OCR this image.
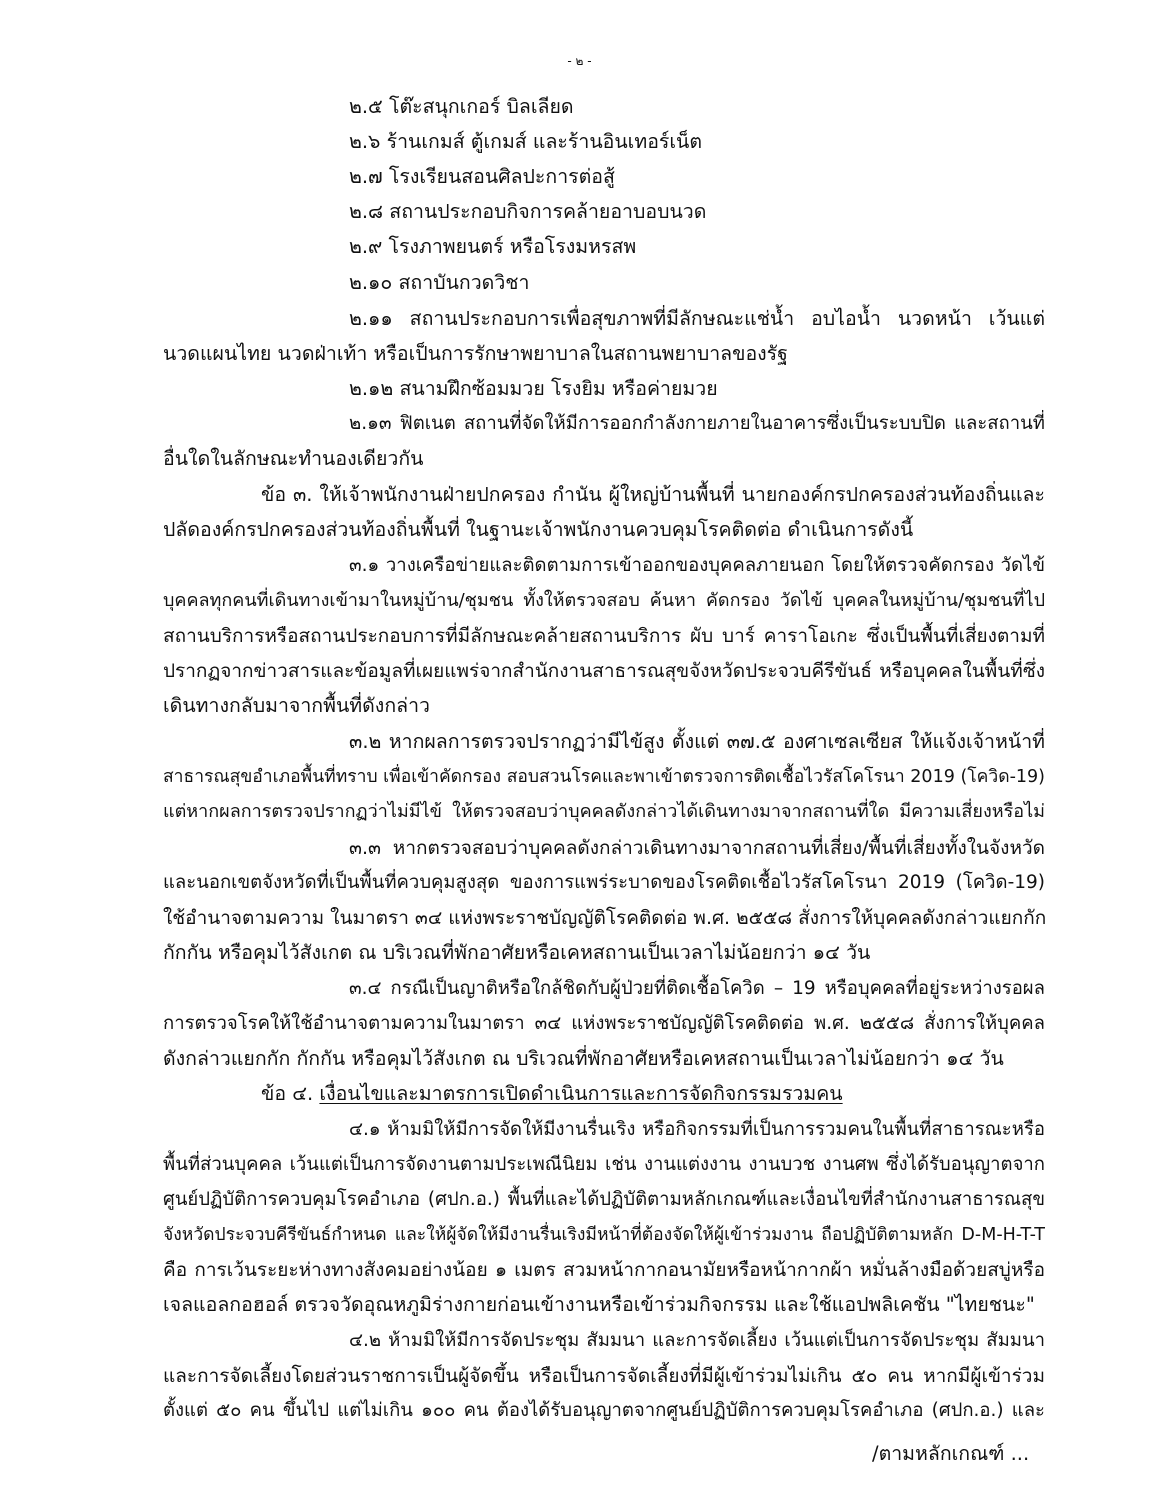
- ๒ -
๒.๕ โต๊ะสนุกเกอร์ บิลเลียด
๒.๖ ร้านเกมส์ ตู้เกมส์ และร้านอินเทอร์เน็ต
๒.๗ โรงเรียนสอนศิลปะการต่อสู้
๒.๘ สถานประกอบกิจการคล้ายอาบอบนวด
๒.๙ โรงภาพยนตร์ หรือโรงมหรสพ
๒.๑๐ สถาบันกวดวิชา
๒.๑๑ สถานประกอบการเพื่อสุขภาพที่มีลักษณะแช่น้ำ อบไอน้ำ นวดหน้า เว้นแต่
นวดแผนไทย นวดฝ่าเท้า หรือเป็นการรักษาพยาบาลในสถานพยาบาลของรัฐ
๒.๑๒ สนามฝึกซ้อมมวย โรงยิม หรือค่ายมวย
๒.๑๓ ฟิตเนต สถานที่จัดให้มีการออกกำลังกายภายในอาคารซึ่งเป็นระบบปิด และสถานที่
อื่นใดในลักษณะทำนองเดียวกัน
ข้อ ๓. ให้เจ้าพนักงานฝ่ายปกครอง กำนัน ผู้ใหญ่บ้านพื้นที่ นายกองค์กรปกครองส่วนท้องถิ่นและ
ปลัดองค์กรปกครองส่วนท้องถิ่นพื้นที่ ในฐานะเจ้าพนักงานควบคุมโรคติดต่อ ดำเนินการดังนี้
๓.๑ วางเครือข่ายและติดตามการเข้าออกของบุคคลภายนอก โดยให้ตรวจคัดกรอง วัดไข้
บุคคลทุกคนที่เดินทางเข้ามาในหมู่บ้าน/ชุมชน ทั้งให้ตรวจสอบ ค้นหา คัดกรอง วัดไข้ บุคคลในหมู่บ้าน/ชุมชนที่ไป
สถานบริการหรือสถานประกอบการที่มีลักษณะคล้ายสถานบริการ ผับ บาร์ คาราโอเกะ ซึ่งเป็นพื้นที่เสี่ยงตามที่
ปรากฏจากข่าวสารและข้อมูลที่เผยแพร่จากสำนักงานสาธารณสุขจังหวัดประจวบคีรีขันธ์ หรือบุคคลในพื้นที่ซึ่ง
เดินทางกลับมาจากพื้นที่ดังกล่าว
๓.๒ หากผลการตรวจปรากฏว่ามีไข้สูง ตั้งแต่ ๓๗.๕ องศาเซลเซียส ให้แจ้งเจ้าหน้าที่
สาธารณสุขอำเภอพื้นที่ทราบ เพื่อเข้าคัดกรอง สอบสวนโรคและพาเข้าตรวจการติดเชื้อไวรัสโคโรนา 2019 (โควิด-19)
แต่หากผลการตรวจปรากฏว่าไม่มีไข้ ให้ตรวจสอบว่าบุคคลดังกล่าวได้เดินทางมาจากสถานที่ใด มีความเสี่ยงหรือไม่
๓.๓ หากตรวจสอบว่าบุคคลดังกล่าวเดินทางมาจากสถานที่เสี่ยง/พื้นที่เสี่ยงทั้งในจังหวัด
และนอกเขตจังหวัดที่เป็นพื้นที่ควบคุมสูงสุด ของการแพร่ระบาดของโรคติดเชื้อไวรัสโคโรนา 2019 (โควิด-19)
ใช้อำนาจตามความ ในมาตรา ๓๔ แห่งพระราชบัญญัติโรคติดต่อ พ.ศ. ๒๕๕๘ สั่งการให้บุคคลดังกล่าวแยกกัก
กักกัน หรือคุมไว้สังเกต ณ บริเวณที่พักอาศัยหรือเคหสถานเป็นเวลาไม่น้อยกว่า ๑๔ วัน
๓.๔ กรณีเป็นญาติหรือใกล้ชิดกับผู้ป่วยที่ติดเชื้อโควิด – 19 หรือบุคคลที่อยู่ระหว่างรอผล
การตรวจโรคให้ใช้อำนาจตามความในมาตรา ๓๔ แห่งพระราชบัญญัติโรคติดต่อ พ.ศ. ๒๕๕๘ สั่งการให้บุคคล
ดังกล่าวแยกกัก กักกัน หรือคุมไว้สังเกต ณ บริเวณที่พักอาศัยหรือเคหสถานเป็นเวลาไม่น้อยกว่า ๑๔ วัน
ข้อ ๔. เงื่อนไขและมาตรการเปิดดำเนินการและการจัดกิจกรรมรวมคน
๔.๑ ห้ามมิให้มีการจัดให้มีงานรื่นเริง หรือกิจกรรมที่เป็นการรวมคนในพื้นที่สาธารณะหรือ
พื้นที่ส่วนบุคคล เว้นแต่เป็นการจัดงานตามประเพณีนิยม เช่น งานแต่งงาน งานบวช งานศพ ซึ่งได้รับอนุญาตจาก
ศูนย์ปฏิบัติการควบคุมโรคอำเภอ (ศปก.อ.) พื้นที่และได้ปฏิบัติตามหลักเกณฑ์และเงื่อนไขที่สำนักงานสาธารณสุข
จังหวัดประจวบคีรีขันธ์กำหนด และให้ผู้จัดให้มีงานรื่นเริงมีหน้าที่ต้องจัดให้ผู้เข้าร่วมงาน ถือปฏิบัติตามหลัก D-M-H-T-T
คือ การเว้นระยะห่างทางสังคมอย่างน้อย ๑ เมตร สวมหน้ากากอนามัยหรือหน้ากากผ้า หมั่นล้างมือด้วยสบู่หรือ
เจลแอลกอฮอล์ ตรวจวัดอุณหภูมิร่างกายก่อนเข้างานหรือเข้าร่วมกิจกรรม และใช้แอปพลิเคชัน "ไทยชนะ"
๔.๒ ห้ามมิให้มีการจัดประชุม สัมมนา และการจัดเลี้ยง เว้นแต่เป็นการจัดประชุม สัมมนา
และการจัดเลี้ยงโดยส่วนราชการเป็นผู้จัดขึ้น หรือเป็นการจัดเลี้ยงที่มีผู้เข้าร่วมไม่เกิน ๕๐ คน หากมีผู้เข้าร่วม
ตั้งแต่ ๕๐ คน ขึ้นไป แต่ไม่เกิน ๑๐๐ คน ต้องได้รับอนุญาตจากศูนย์ปฏิบัติการควบคุมโรคอำเภอ (ศปก.อ.) และ
/ตามหลักเกณฑ์ ...
